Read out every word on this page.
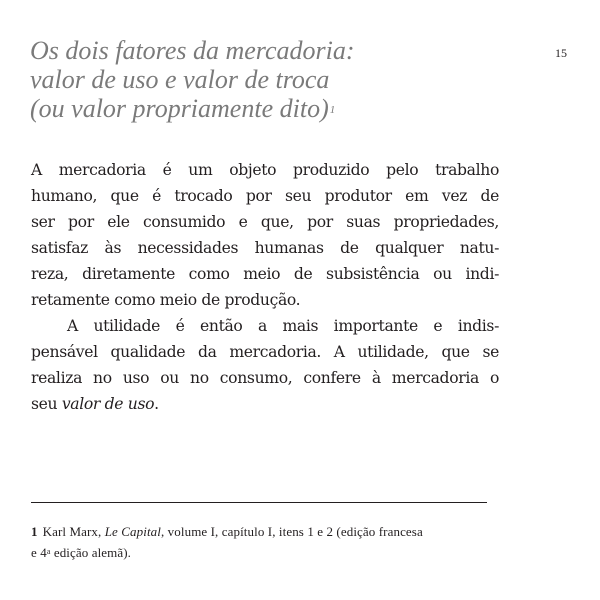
15
Os dois fatores da mercadoria:
valor de uso e valor de troca
(ou valor propriamente dito)$^1$

A mercadoria é um objeto produzido pelo trabalho
humano, que é trocado por seu produtor em vez de
ser por ele consumido e que, por suas propriedades,
satisfaz às necessidades humanas de qualquer natu-
reza, diretamente como meio de subsistência ou indi-
retamente como meio de produção.

A utilidade é então a mais importante e indis-
pensável qualidade da mercadoria. A utilidade, que se
realiza no uso ou no consumo, confere à mercadoria o
seu valor de uso.

1 Karl Marx, Le Capital, volume I, capítulo I, itens 1 e 2 (edição francesa
e 4$^a$ edição alemã).
